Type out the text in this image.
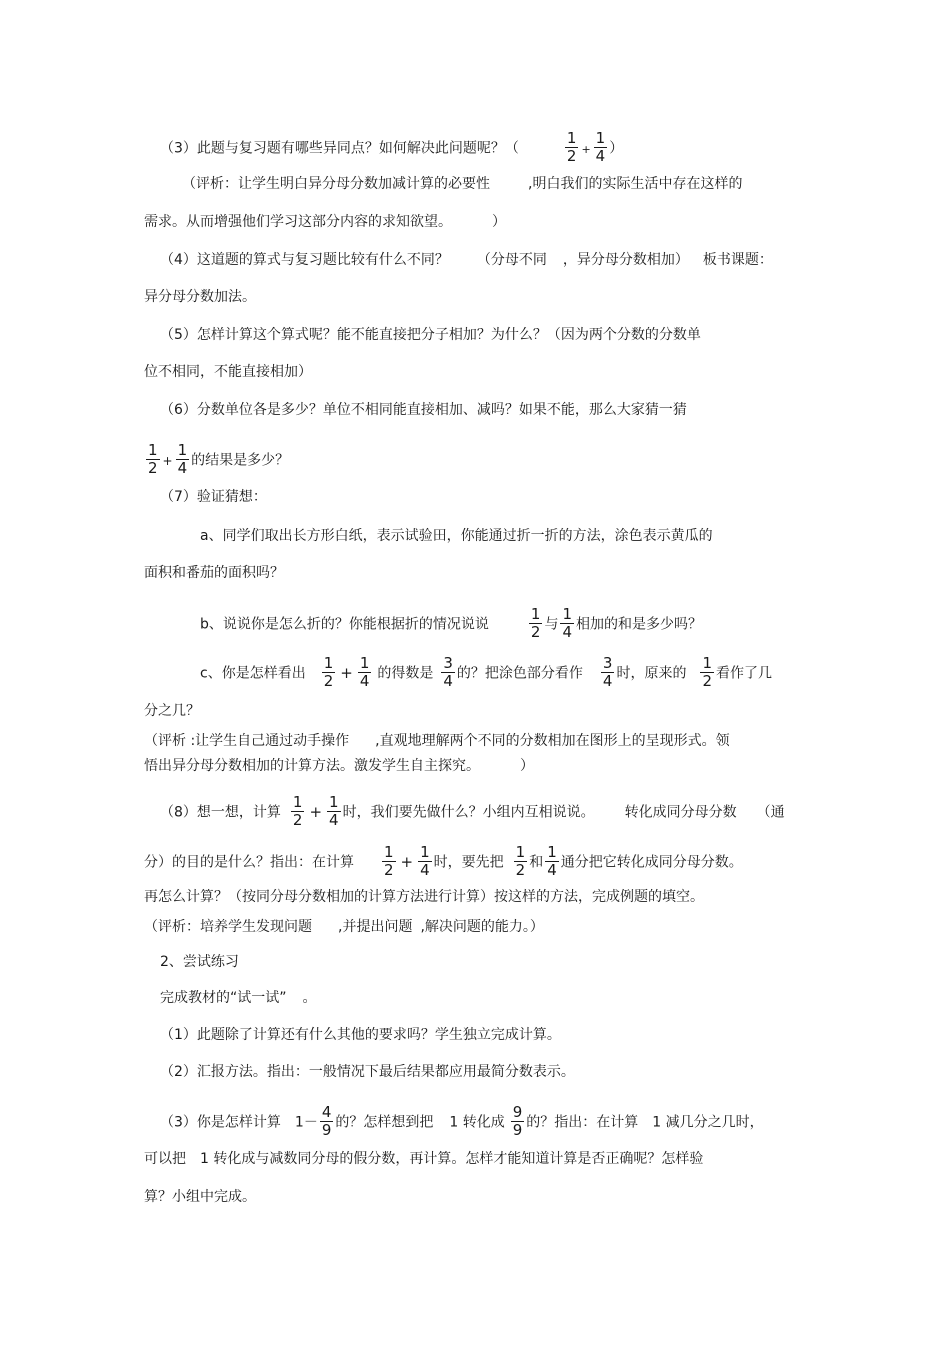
（3）此题与复习题有哪些异同点？如何解决此问题呢？（	$\frac{1}{2} + \frac{1}{4}$ ）
（评析：让学生明白异分母分数加减计算的必要性	,明白我们的实际生活中存在这样的
需求。从而增强他们学习这部分内容的求知欲望。	）
（4）这道题的算式与复习题比较有什么不同？ （分母不同 ，异分母分数相加） 板书课题：
异分母分数加法。
（5）怎样计算这个算式呢？能不能直接把分子相加？为什么？（因为两个分数的分数单
位不相同，不能直接相加）
（6）分数单位各是多少？单位不相同能直接相加、减吗？如果不能，那么大家猜一猜
$\frac{1}{2} + \frac{1}{4}$ 的结果是多少？
（7）验证猜想：
a、同学们取出长方形白纸，表示试验田，你能通过折一折的方法，涂色表示黄瓜的
面积和番茄的面积吗？
b、说说你是怎么折的？你能根据折的情况说说	$\frac{1}{2}$ 与 $\frac{1}{4}$ 相加的和是多少吗？
c、你是怎样看出 $\frac{1}{2} + \frac{1}{4}$ 的得数是 $\frac{3}{4}$ 的？把涂色部分看作 $\frac{3}{4}$ 时，原来的 $\frac{1}{2}$ 看作了几
分之几？
（评析 :让学生自己通过动手操作 ,直观地理解两个不同的分数相加在图形上的呈现形式。领
悟出异分母分数相加的计算方法。激发学生自主探究。	）
（8）想一想，计算 $\frac{1}{2} + \frac{1}{4}$ 时，我们要先做什么？小组内互相说说。 转化成同分母分数 （通
分）的目的是什么？指出：在计算 $\frac{1}{2} + \frac{1}{4}$ 时，要先把 $\frac{1}{2}$ 和 $\frac{1}{4}$ 通分把它转化成同分母分数。
再怎么计算？（按同分母分数相加的计算方法进行计算）按这样的方法，完成例题的填空。
（评析：培养学生发现问题 ,并提出问题 ,解决问题的能力。）
2、尝试练习
完成教材的“试一试” 。
（1）此题除了计算还有什么其他的要求吗？学生独立完成计算。
（2）汇报方法。指出：一般情况下最后结果都应用最简分数表示。
（3）你是怎样计算 $1- \frac{4}{9}$ 的？怎样想到把 1 转化成 $\frac{9}{9}$ 的？指出：在计算 1 减几分之几时，
可以把 1 转化成与减数同分母的假分数，再计算。怎样才能知道计算是否正确呢？怎样验
算？小组中完成。
